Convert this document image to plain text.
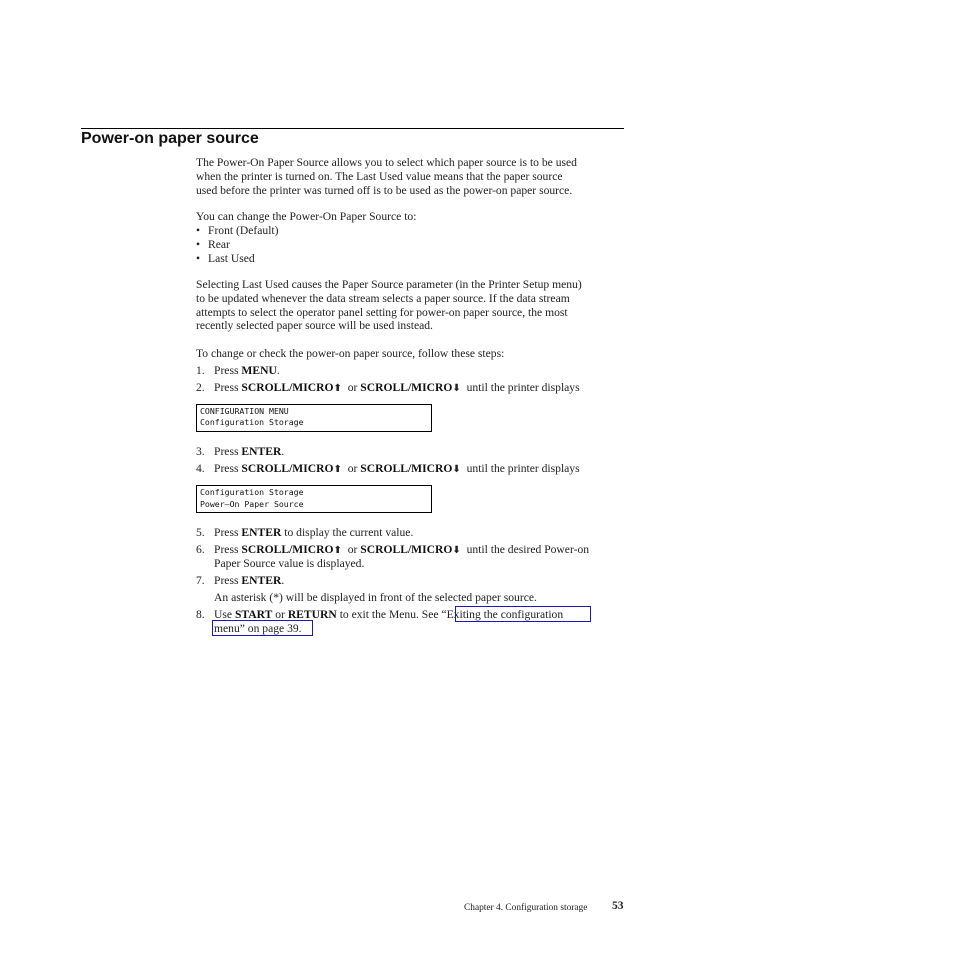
Power-on paper source
The Power-On Paper Source allows you to select which paper source is to be used
when the printer is turned on. The Last Used value means that the paper source
used before the printer was turned off is to be used as the power-on paper source.
You can change the Power-On Paper Source to:
• Front (Default)
• Rear
• Last Used
Selecting Last Used causes the Paper Source parameter (in the Printer Setup menu)
to be updated whenever the data stream selects a paper source. If the data stream
attempts to select the operator panel setting for power-on paper source, the most
recently selected paper source will be used instead.
To change or check the power-on paper source, follow these steps:
1. Press MENU.
2. Press SCROLL/MICRO⬆ or SCROLL/MICRO⬇ until the printer displays
CONFIGURATION MENU
Configuration Storage
3. Press ENTER.
4. Press SCROLL/MICRO⬆ or SCROLL/MICRO⬇ until the printer displays
Configuration Storage
Power–On Paper Source
5. Press ENTER to display the current value.
6. Press SCROLL/MICRO⬆ or SCROLL/MICRO⬇ until the desired Power-on
Paper Source value is displayed.
7. Press ENTER.
An asterisk (*) will be displayed in front of the selected paper source.
8. Use START or RETURN to exit the Menu. See “Exiting the configuration
menu” on page 39.
Chapter 4. Configuration storage 53
